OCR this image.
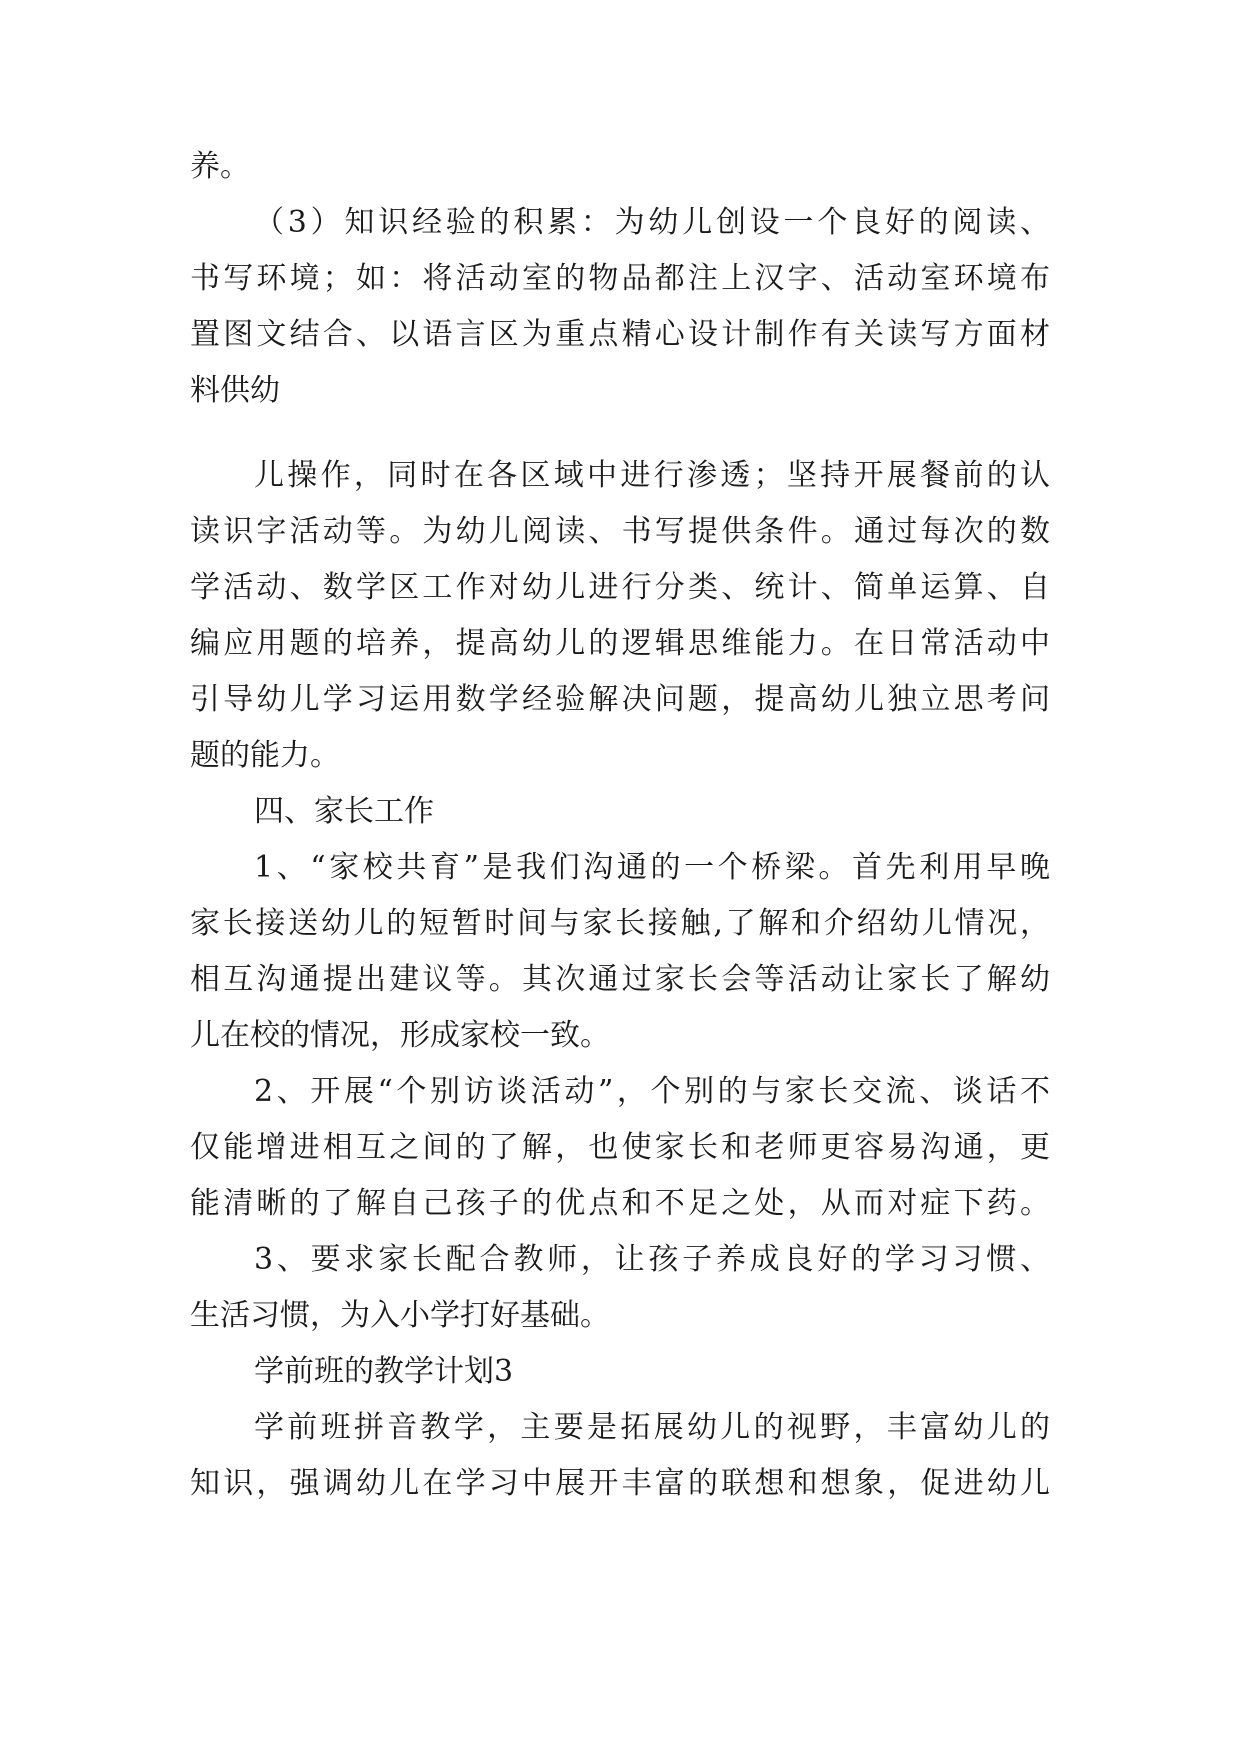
养。
（3）知识经验的积累：为幼儿创设一个良好的阅读、
书写环境；如：将活动室的物品都注上汉字、活动室环境布
置图文结合、以语言区为重点精心设计制作有关读写方面材
料供幼
儿操作，同时在各区域中进行渗透；坚持开展餐前的认
读识字活动等。为幼儿阅读、书写提供条件。通过每次的数
学活动、数学区工作对幼儿进行分类、统计、简单运算、自
编应用题的培养，提高幼儿的逻辑思维能力。在日常活动中
引导幼儿学习运用数学经验解决问题，提高幼儿独立思考问
题的能力。
四、家长工作
1、“家校共育”是我们沟通的一个桥梁。首先利用早晚
家长接送幼儿的短暂时间与家长接触,了解和介绍幼儿情况，
相互沟通提出建议等。其次通过家长会等活动让家长了解幼
儿在校的情况，形成家校一致。
2、开展“个别访谈活动”，个别的与家长交流、谈话不
仅能增进相互之间的了解，也使家长和老师更容易沟通，更
能清晰的了解自己孩子的优点和不足之处，从而对症下药。
3、要求家长配合教师，让孩子养成良好的学习习惯、
生活习惯，为入小学打好基础。
学前班的教学计划3
学前班拼音教学，主要是拓展幼儿的视野，丰富幼儿的
知识，强调幼儿在学习中展开丰富的联想和想象，促进幼儿
